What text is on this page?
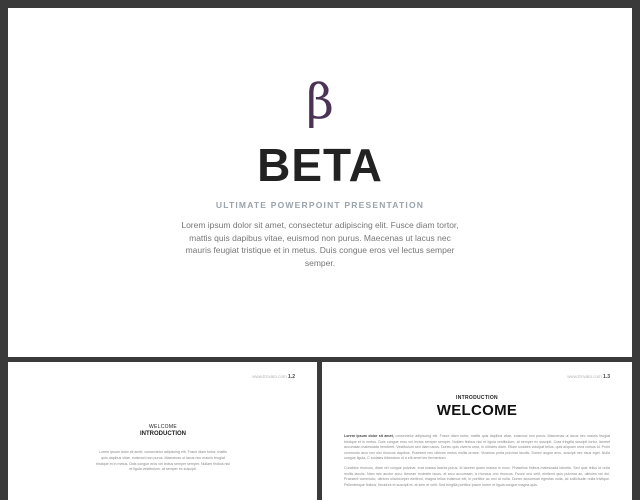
β
BETA
ULTIMATE POWERPOINT PRESENTATION
Lorem ipsum dolor sit amet, consectetur adipiscing elit. Fusce diam tortor, mattis quis dapibus vitae, euismod non purus. Maecenas ut lacus nec mauris feugiat tristique et in metus. Duis congue eros vel lectus semper semper.
www.Envato.com 1.2
WELCOME
INTRODUCTION
Lorem ipsum dolor sit amet, consectetur adipiscing elit. Fusce diam tortor, mattis quis dapibus vitae, euismod non purus. Maecenas ut lacus nec mauris feugiat tristique et in metus. Duis congue eros vel lectus semper semper. Nullam finibus nisl et ligula vestibulum, at semper ex suscipit.
www.Envato.com 1.3
INTRODUCTION
WELCOME
Lorem ipsum dolor sit amet, consectetur adipiscing elit. Fusce diam tortor, mattis quis dapibus vitae, euismod non purus. Maecenas ut lacus nec mauris feugiat tristique et in metus. Duis congue eros vel lectus semper semper. Nullam finibus nisl et ligula vestibulum, at semper ex suscipit. Cras fringilla suscipit tortor, laoreet accumsan malesuada hendrerit. Vestibulum sed diam lacus. Donec quis viverra urna, in ultricies diam. Etiam sodales volutpat tellus, quis aliquam urna cursus id. Proin commodo arcu nec nisi rhoncus dapibus. Praesent nec ultrices metus mollis ornare. Vivamus porta pulvinar iaculis. Donec augue arcu, suscipit nec risus eget. Nulla congue ligula, C sodales bibendum ut a elit amet leo fermentum.
Curabitur rhoncus, diam vel congue pulvinar, erat massa lacinia purus, id laoreet quam massa in nunc. Phasellus finibus malesuada lobortis. Sed quis tellus id nulla mollis iaculis. Nam nec auctor arcu. Aenean molestie lacus, at arcu accumsan, a rhoncus orci rhoncus. Fusce orci velit, eleifend quis pulvinar ac, ultricies vel dui. Praesent commodo, ultrices ullamcorper eleifend, magna tellus euismod elit, in porttitor ac orci at nulla. Donec accumsan egestas nulla, ac sollicitudin nulla tristique. Pellentesque finibus, tincidunt et suscipit et, at sem et velit. Sed fringilla porttitor ipsum lorem et ligula congue magna quis.
